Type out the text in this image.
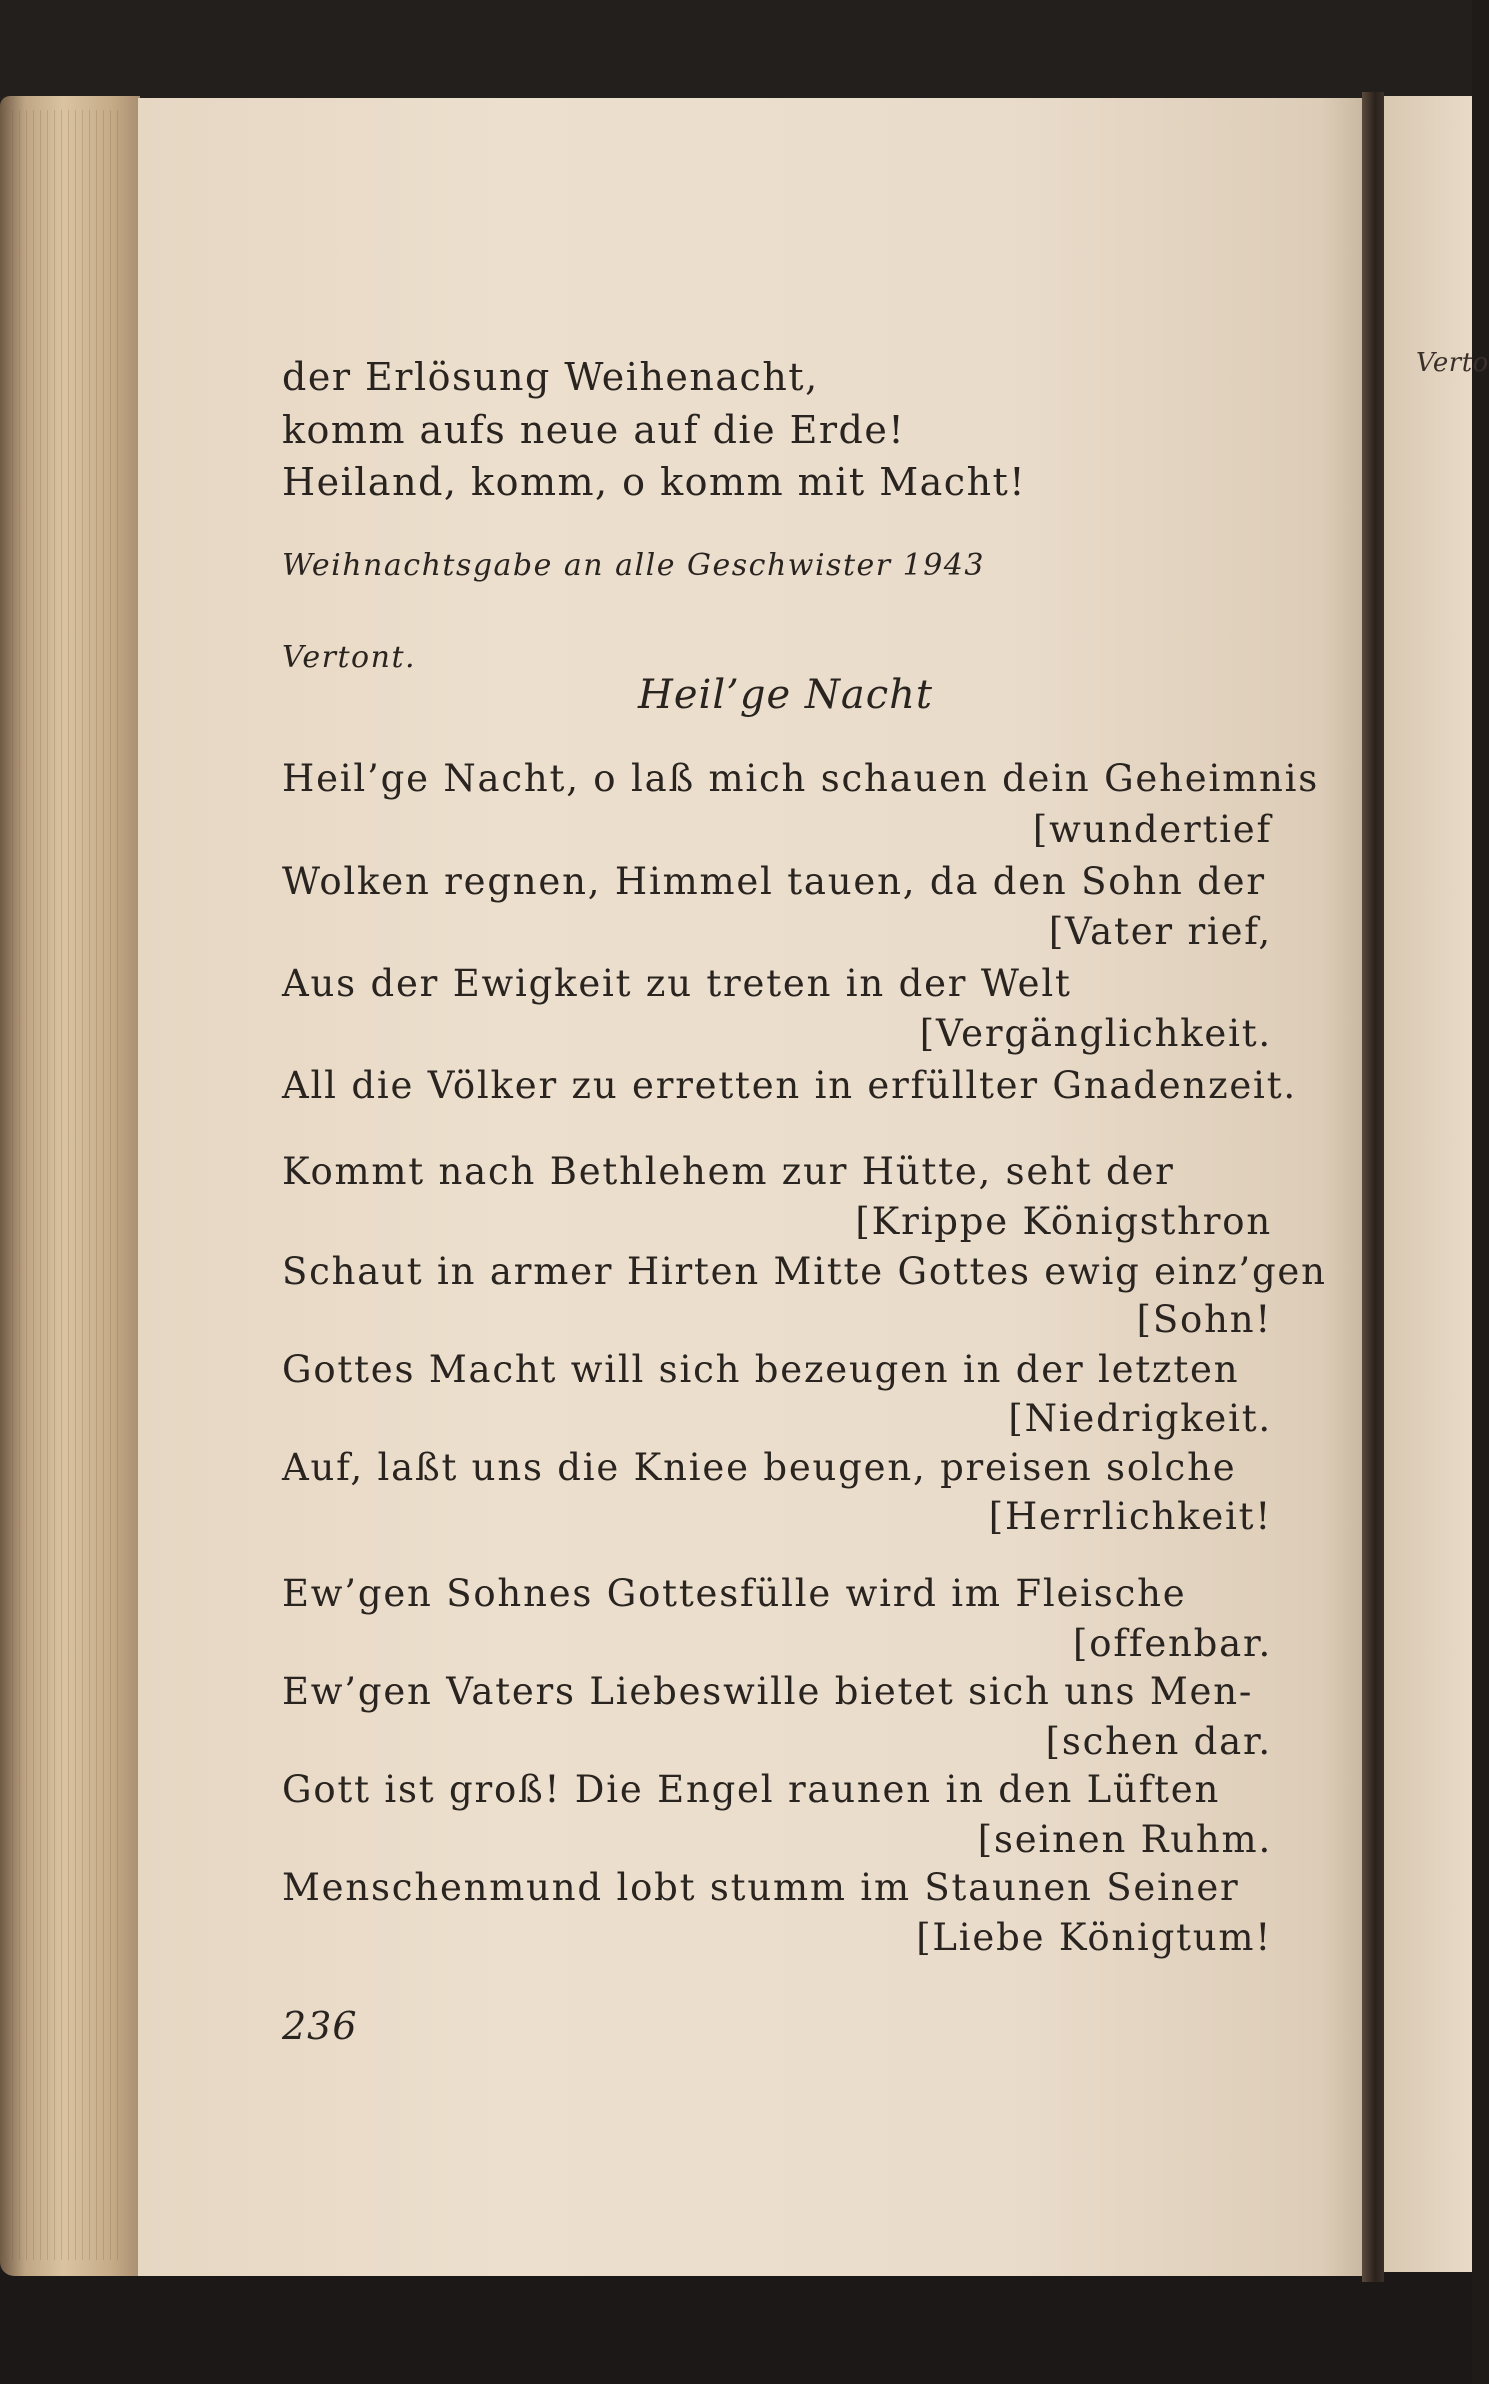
Verto
der Erlösung Weihenacht,
komm aufs neue auf die Erde!
Heiland, komm, o komm mit Macht!
Weihnachtsgabe an alle Geschwister 1943
Vertont.
Heil’ge Nacht
Heil’ge Nacht, o laß mich schauen dein Geheimnis
[wundertief
Wolken regnen, Himmel tauen, da den Sohn der
[Vater rief,
Aus der Ewigkeit zu treten in der Welt
[Vergänglichkeit.
All die Völker zu erretten in erfüllter Gnadenzeit.
Kommt nach Bethlehem zur Hütte, seht der
[Krippe Königsthron
Schaut in armer Hirten Mitte Gottes ewig einz’gen
[Sohn!
Gottes Macht will sich bezeugen in der letzten
[Niedrigkeit.
Auf, laßt uns die Kniee beugen, preisen solche
[Herrlichkeit!
Ew’gen Sohnes Gottesfülle wird im Fleische
[offenbar.
Ew’gen Vaters Liebeswille bietet sich uns Men-
[schen dar.
Gott ist groß! Die Engel raunen in den Lüften
[seinen Ruhm.
Menschenmund lobt stumm im Staunen Seiner
[Liebe Königtum!
236
